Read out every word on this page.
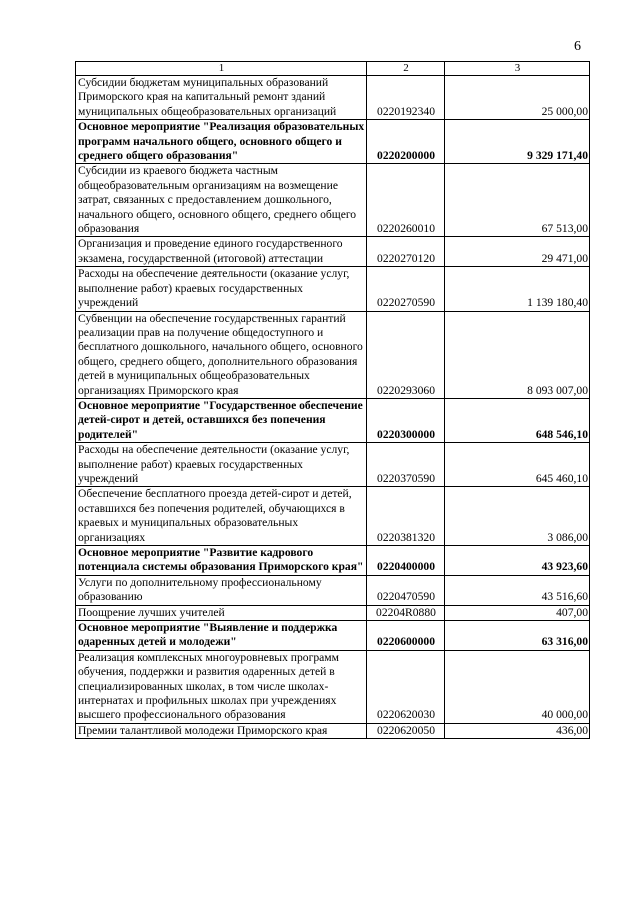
6
1	2	3
Субсидии бюджетам муниципальных образований Приморского края на капитальный ремонт зданий муниципальных общеобразовательных организаций	0220192340	25 000,00
Основное мероприятие "Реализация образовательных программ начального общего, основного общего и среднего общего образования"	0220200000	9 329 171,40
Субсидии из краевого бюджета частным общеобразовательным организациям на возмещение затрат, связанных с предоставлением дошкольного, начального общего, основного общего, среднего общего образования	0220260010	67 513,00
Организация и проведение единого государственного экзамена, государственной (итоговой) аттестации	0220270120	29 471,00
Расходы на обеспечение деятельности (оказание услуг, выполнение работ) краевых государственных учреждений	0220270590	1 139 180,40
Субвенции на обеспечение государственных гарантий реализации прав на получение общедоступного и бесплатного дошкольного, начального общего, основного общего, среднего общего, дополнительного образования детей в муниципальных общеобразовательных организациях Приморского края	0220293060	8 093 007,00
Основное мероприятие "Государственное обеспечение детей-сирот и детей, оставшихся без попечения родителей"	0220300000	648 546,10
Расходы на обеспечение деятельности (оказание услуг, выполнение работ) краевых государственных учреждений	0220370590	645 460,10
Обеспечение бесплатного проезда детей-сирот и детей, оставшихся без попечения родителей, обучающихся в краевых и муниципальных образовательных организациях	0220381320	3 086,00
Основное мероприятие "Развитие кадрового потенциала системы образования Приморского края"	0220400000	43 923,60
Услуги по дополнительному профессиональному образованию	0220470590	43 516,60
Поощрение лучших учителей	02204R0880	407,00
Основное мероприятие "Выявление и поддержка одаренных детей и молодежи"	0220600000	63 316,00
Реализация комплексных многоуровневых программ обучения, поддержки и развития одаренных детей в специализированных школах, в том числе школах-интернатах и профильных школах при учреждениях высшего профессионального образования	0220620030	40 000,00
Премии талантливой молодежи Приморского края	0220620050	436,00
